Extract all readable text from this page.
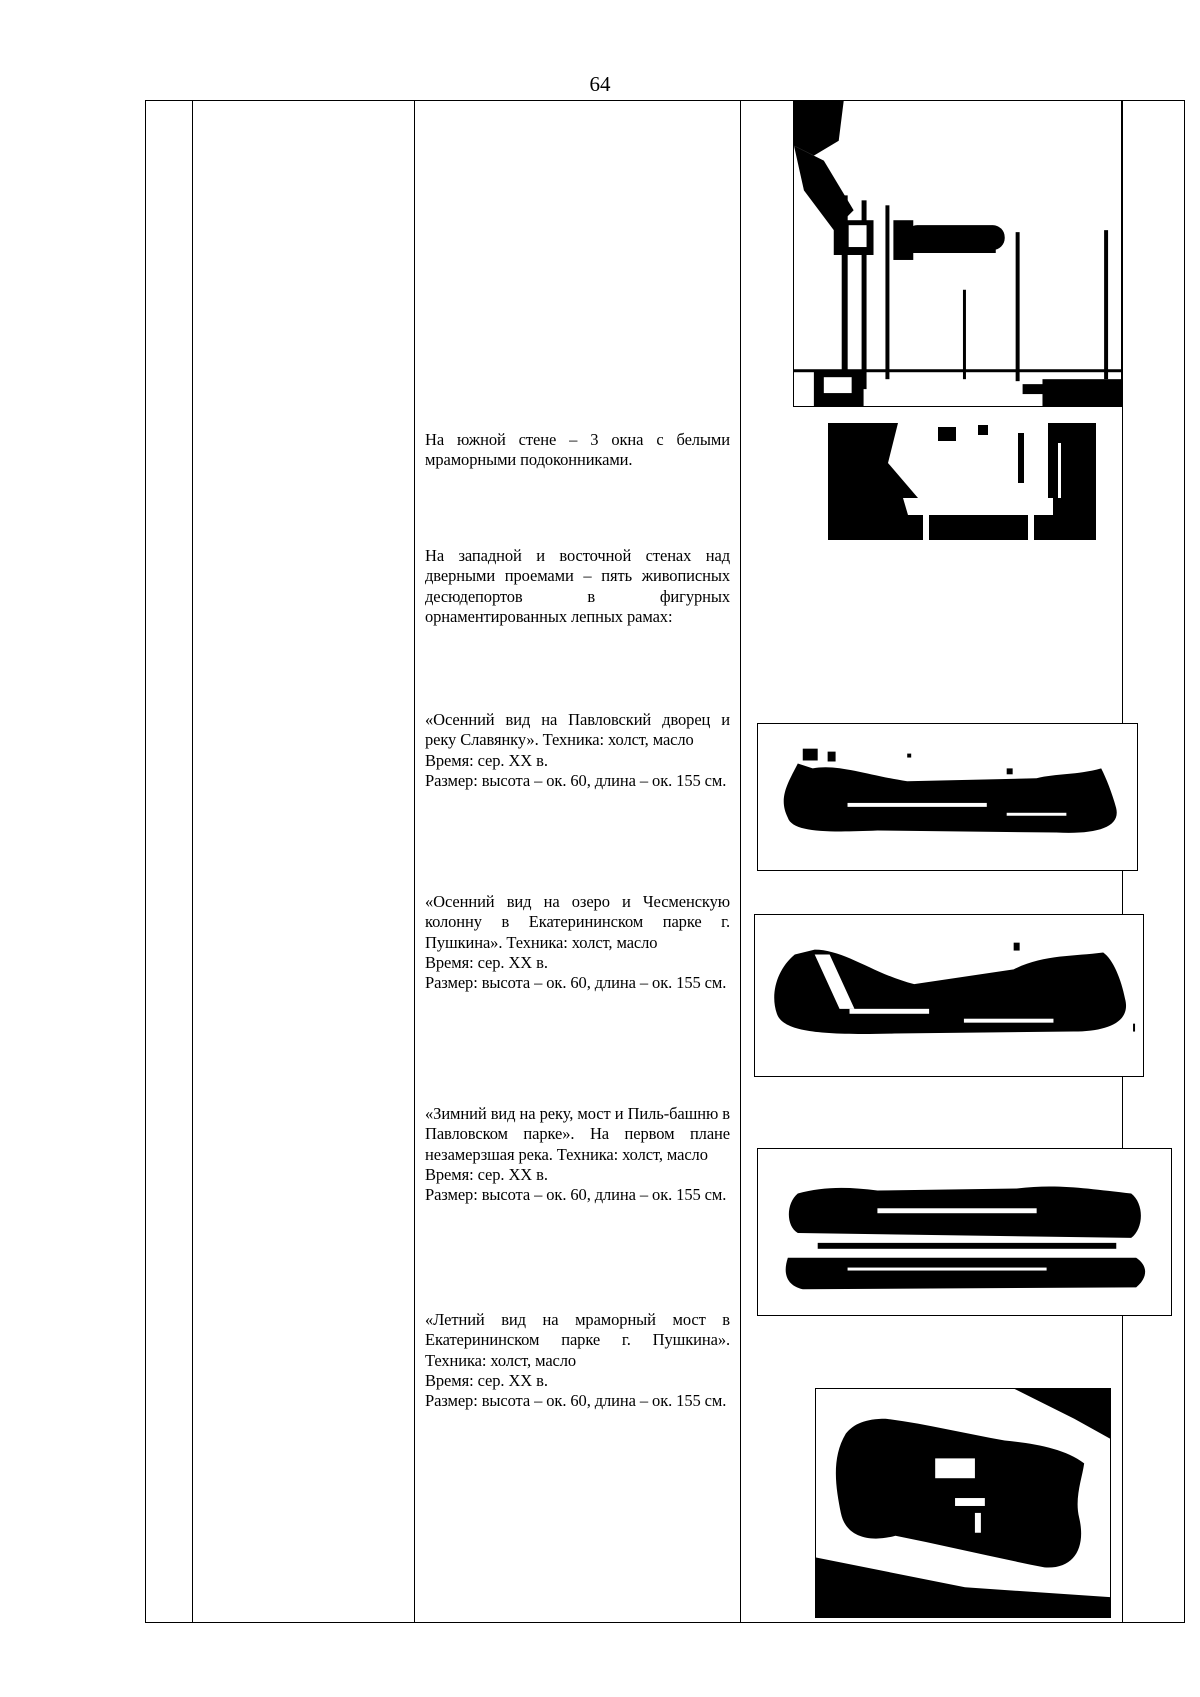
64

На южной стене – 3 окна с белыми мраморными подоконниками.

На западной и восточной стенах над дверными проемами – пять живописных десюдепортов в фигурных орнаментированных лепных рамах:

«Осенний вид на Павловский дворец и реку Славянку». Техника: холст, масло

Время: сер. XX в.

Размер: высота – ок. 60, длина – ок. 155 см.

«Осенний вид на озеро и Чесменскую колонну в Екатерининском парке г. Пушкина». Техника: холст, масло

Время: сер. XX в.

Размер: высота – ок. 60, длина – ок. 155 см.

«Зимний вид на реку, мост и Пиль-башню в Павловском парке». На первом плане незамерзшая река. Техника: холст, масло

Время: сер. XX в.

Размер: высота – ок. 60, длина – ок. 155 см.

«Летний вид на мраморный мост в Екатерининском парке г. Пушкина». Техника: холст, масло

Время: сер. XX в.

Размер: высота – ок. 60, длина – ок. 155 см.
